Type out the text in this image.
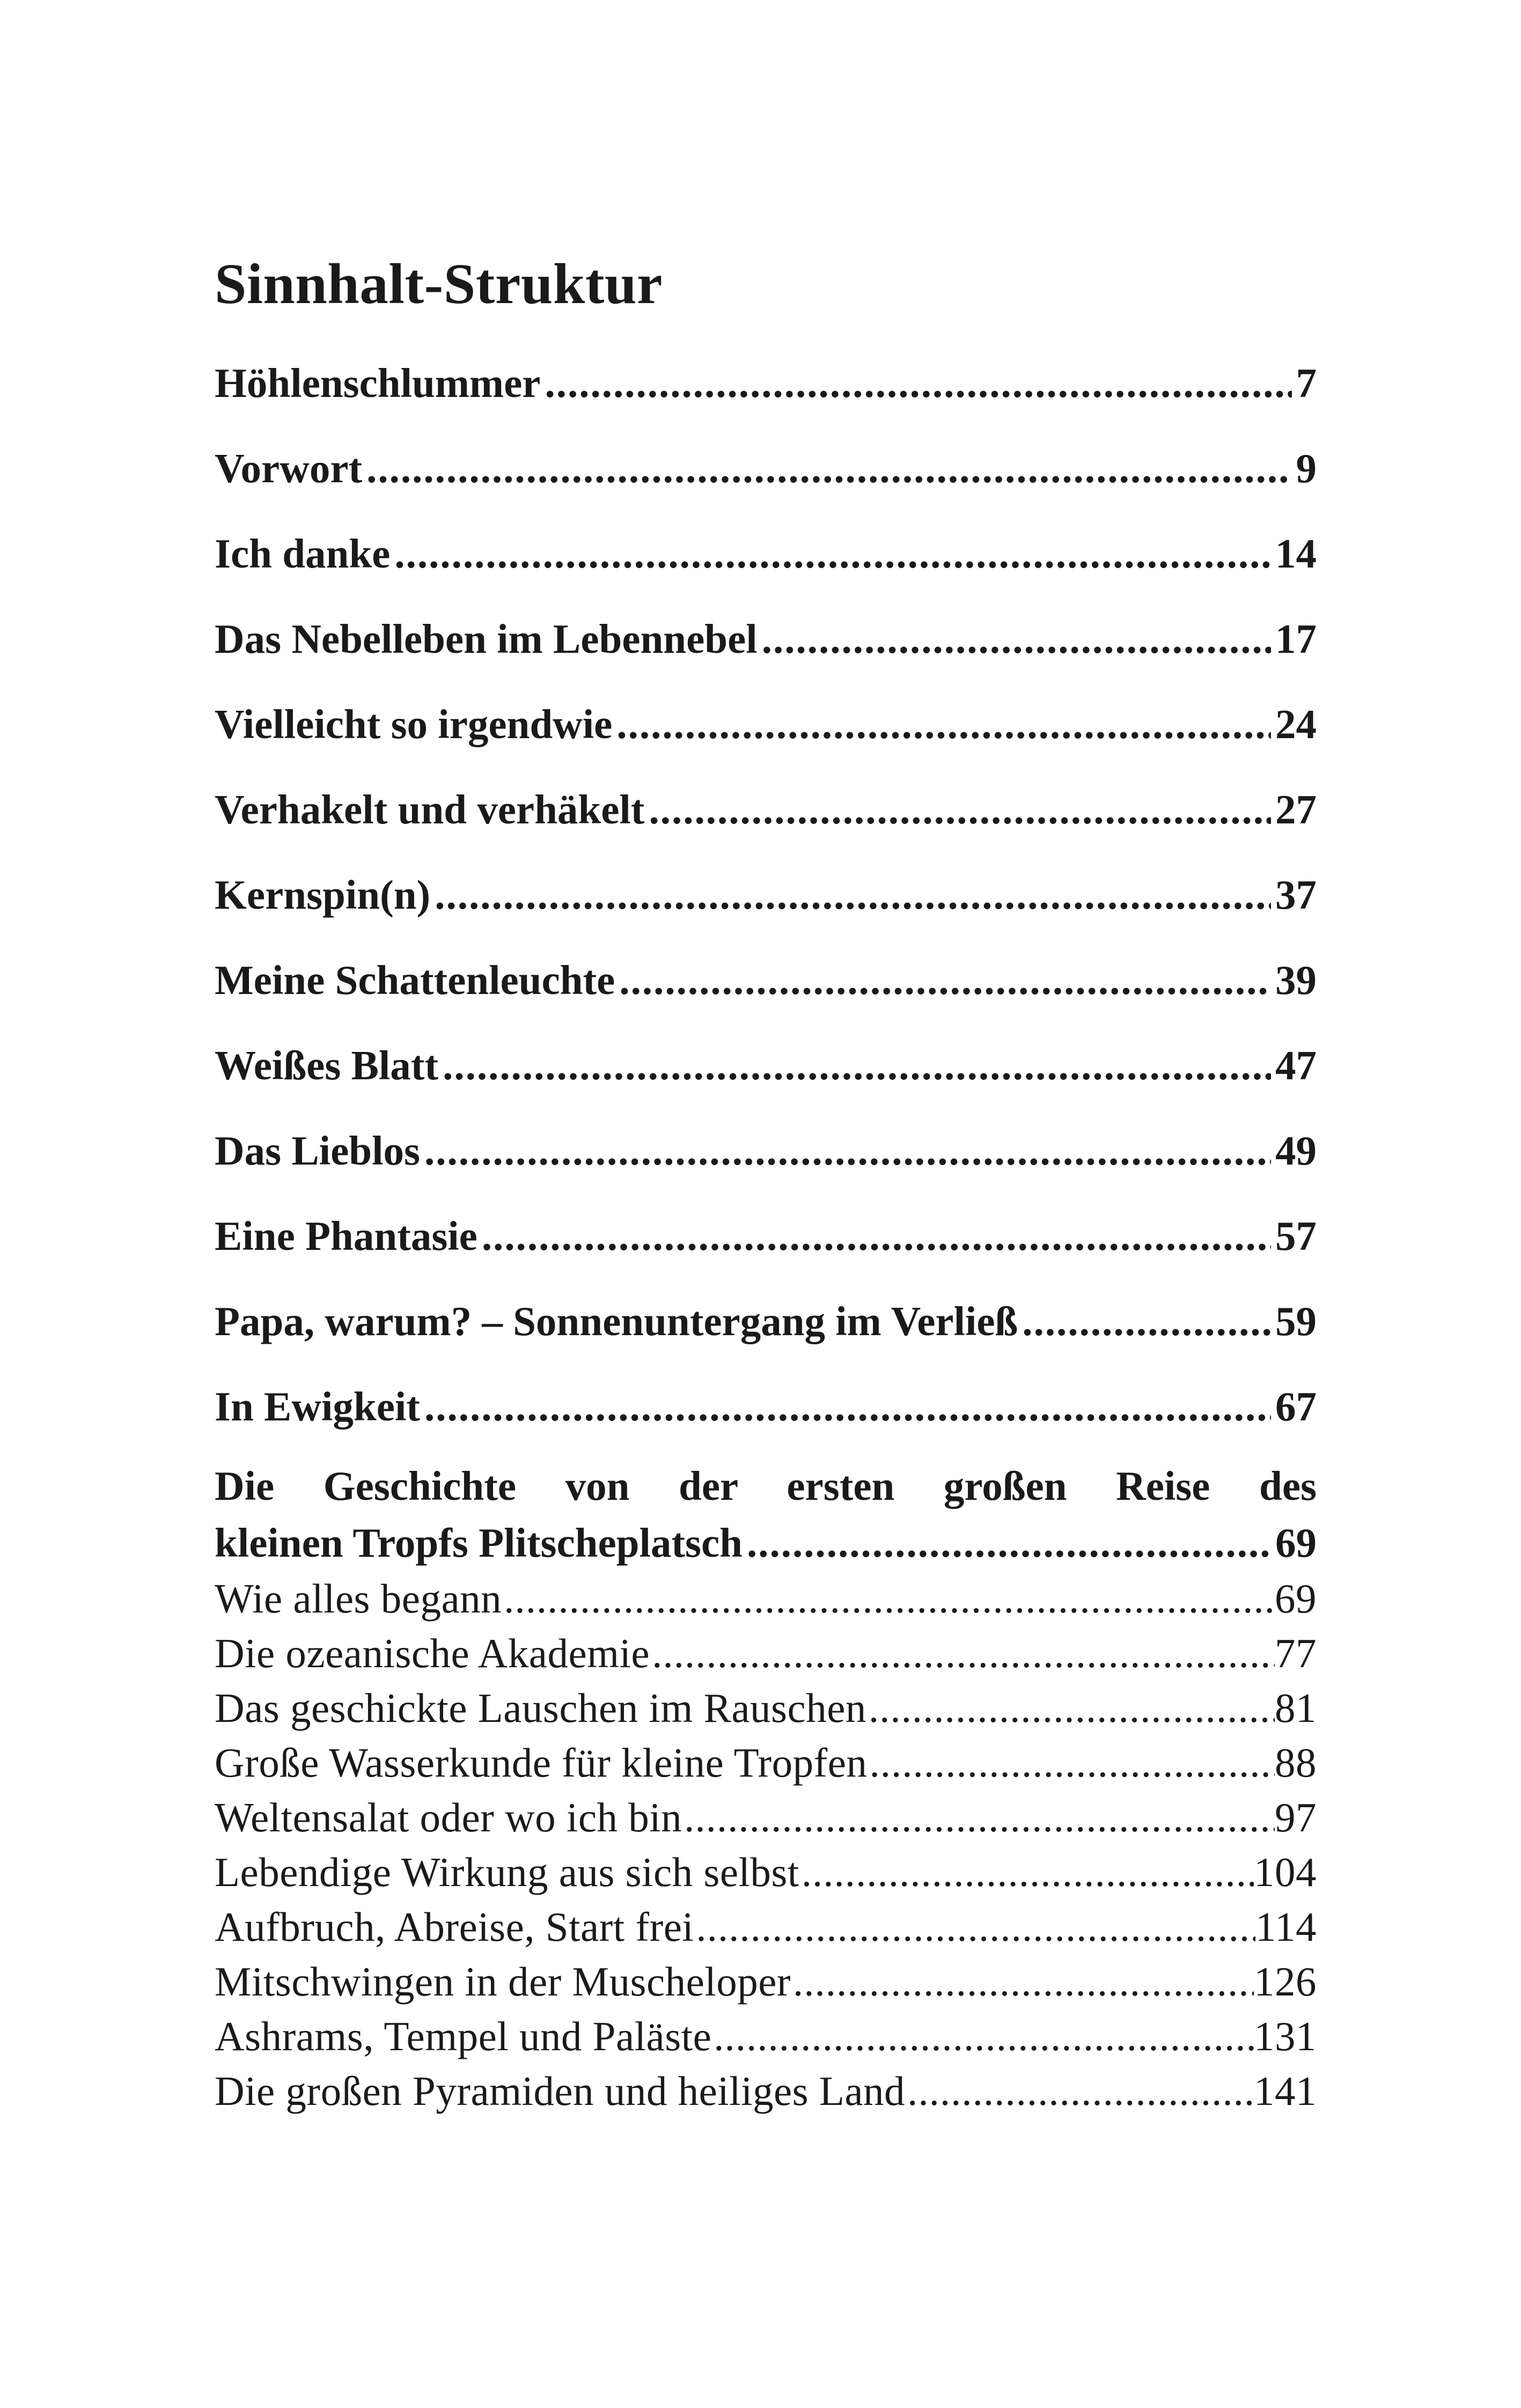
Sinnhalt-Struktur
Höhlenschlummer .....	7
Vorwort .....	9
Ich danke .....	14
Das Nebelleben im Lebennebel .....	17
Vielleicht so irgendwie .....	24
Verhakelt und verhäkelt .....	27
Kernspin(n) .....	37
Meine Schattenleuchte .....	39
Weißes Blatt .....	47
Das Lieblos .....	49
Eine Phantasie .....	57
Papa, warum? – Sonnenuntergang im Verließ .....	59
In Ewigkeit .....	67
Die Geschichte von der ersten großen Reise des
kleinen Tropfs Plitscheplatsch .....	69
Wie alles begann .....	69
Die ozeanische Akademie .....	77
Das geschickte Lauschen im Rauschen .....	81
Große Wasserkunde für kleine Tropfen .....	88
Weltensalat oder wo ich bin .....	97
Lebendige Wirkung aus sich selbst .....	104
Aufbruch, Abreise, Start frei .....	114
Mitschwingen in der Muscheloper .....	126
Ashrams, Tempel und Paläste .....	131
Die großen Pyramiden und heiliges Land .....	141
